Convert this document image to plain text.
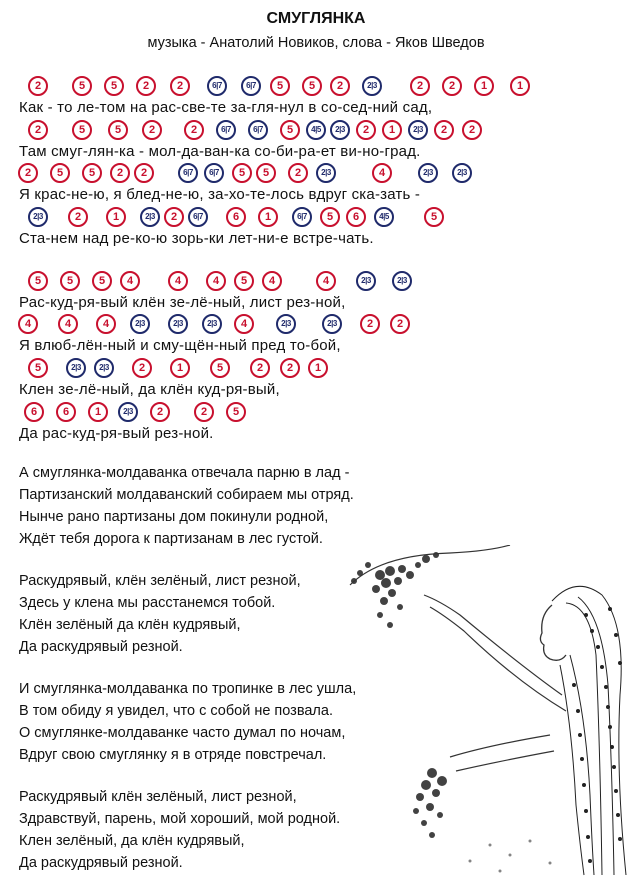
СМУГЛЯНКА
музыка - Анатолий Новиков, слова - Яков Шведов
2	5	5	2	2	6|7	6|7	5	5	2	2|3	2	2	1	1
Как - то ле-том на рас-све-те за-гля-нул в со-сед-ний сад,
2	5	5	2	2	6|7	6|7	5	4|5	2|3	2	1	2|3	2	2
Там смуг-лян-ка - мол-да-ван-ка со-би-ра-ет ви-но-град.
2	5	5	2	2	6|7	6|7	5	5	2	2|3	4	2|3	2|3
Я крас-не-ю, я блед-не-ю, за-хо-те-лось вдруг ска-зать -
2|3	2	1	2|3	2	6|7	6	1	6|7	5	6	4|5	5
Ста-нем над ре-ко-ю зорь-ки лет-ни-е встре-чать.
5	5	5	4	4	4	5	4	4	2|3	2|3
Рас-куд-ря-вый клён зе-лё-ный, лист рез-ной,
4	4	4	2|3	2|3	2|3	4	2|3	2|3	2	2
Я влюб-лён-ный и смy-щён-ный пред то-бой,
5	2|3	2|3	2	1	5	2	2	1
Клен зе-лё-ный, да клён куд-ря-вый,
6	6	1	2|3	2	2	5
Да рас-куд-ря-вый рез-ной.
А смуглянка-молдаванка отвечала парню в лад -
Партизанский молдаванский собираем мы отряд.
Нынче рано партизаны дом покинули родной,
Ждёт тебя дорога к партизанам в лес густой.
Раскудрявый, клён зелёный, лист резной,
Здесь у клена мы расстанемся тобой.
Клён зелёный да клён кудрявый,
Да раскудрявый резной.
И смуглянка-молдаванка по тропинке в лес ушла,
В том обиду я увидел, что с собой не позвала.
О смуглянке-молдаванке часто думал по ночам,
Вдруг свою смуглянку я в отряде повстречал.
Раскудрявый клён зелёный, лист резной,
Здравствуй, парень, мой хороший, мой родной.
Клен зелёный, да клён кудрявый,
Да раскудрявый резной.
